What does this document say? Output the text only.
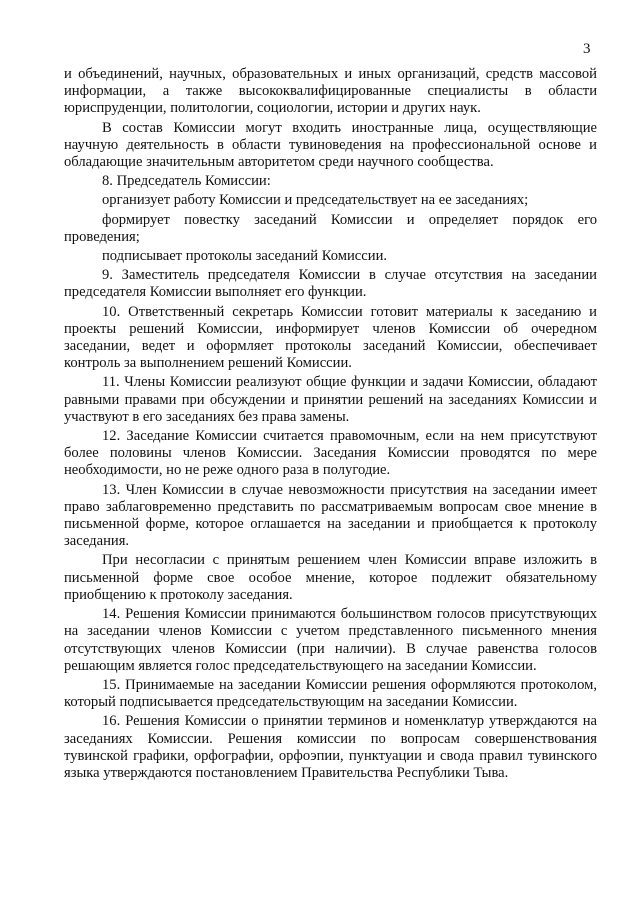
3

и объединений, научных, образовательных и иных организаций, средств массовой информации, а также высококвалифицированные специалисты в области юриспруденции, политологии, социологии, истории и других наук.

В состав Комиссии могут входить иностранные лица, осуществляющие научную деятельность в области тувиноведения на профессиональной основе и обладающие значительным авторитетом среди научного сообщества.

8. Председатель Комиссии:

организует работу Комиссии и председательствует на ее заседаниях;

формирует повестку заседаний Комиссии и определяет порядок его проведения;

подписывает протоколы заседаний Комиссии.

9. Заместитель председателя Комиссии в случае отсутствия на заседании председателя Комиссии выполняет его функции.

10. Ответственный секретарь Комиссии готовит материалы к заседанию и проекты решений Комиссии, информирует членов Комиссии об очередном заседании, ведет и оформляет протоколы заседаний Комиссии, обеспечивает контроль за выполнением решений Комиссии.

11. Члены Комиссии реализуют общие функции и задачи Комиссии, обладают равными правами при обсуждении и принятии решений на заседаниях Комиссии и участвуют в его заседаниях без права замены.

12. Заседание Комиссии считается правомочным, если на нем присутствуют более половины членов Комиссии. Заседания Комиссии проводятся по мере необходимости, но не реже одного раза в полугодие.

13. Член Комиссии в случае невозможности присутствия на заседании имеет право заблаговременно представить по рассматриваемым вопросам свое мнение в письменной форме, которое оглашается на заседании и приобщается к протоколу заседания.

При несогласии с принятым решением член Комиссии вправе изложить в письменной форме свое особое мнение, которое подлежит обязательному приобщению к протоколу заседания.

14. Решения Комиссии принимаются большинством голосов присутствующих на заседании членов Комиссии с учетом представленного письменного мнения отсутствующих членов Комиссии (при наличии). В случае равенства голосов решающим является голос председательствующего на заседании Комиссии.

15. Принимаемые на заседании Комиссии решения оформляются протоколом, который подписывается председательствующим на заседании Комиссии.

16. Решения Комиссии о принятии терминов и номенклатур утверждаются на заседаниях Комиссии. Решения комиссии по вопросам совершенствования тувинской графики, орфографии, орфоэпии, пунктуации и свода правил тувинского языка утверждаются постановлением Правительства Республики Тыва.
